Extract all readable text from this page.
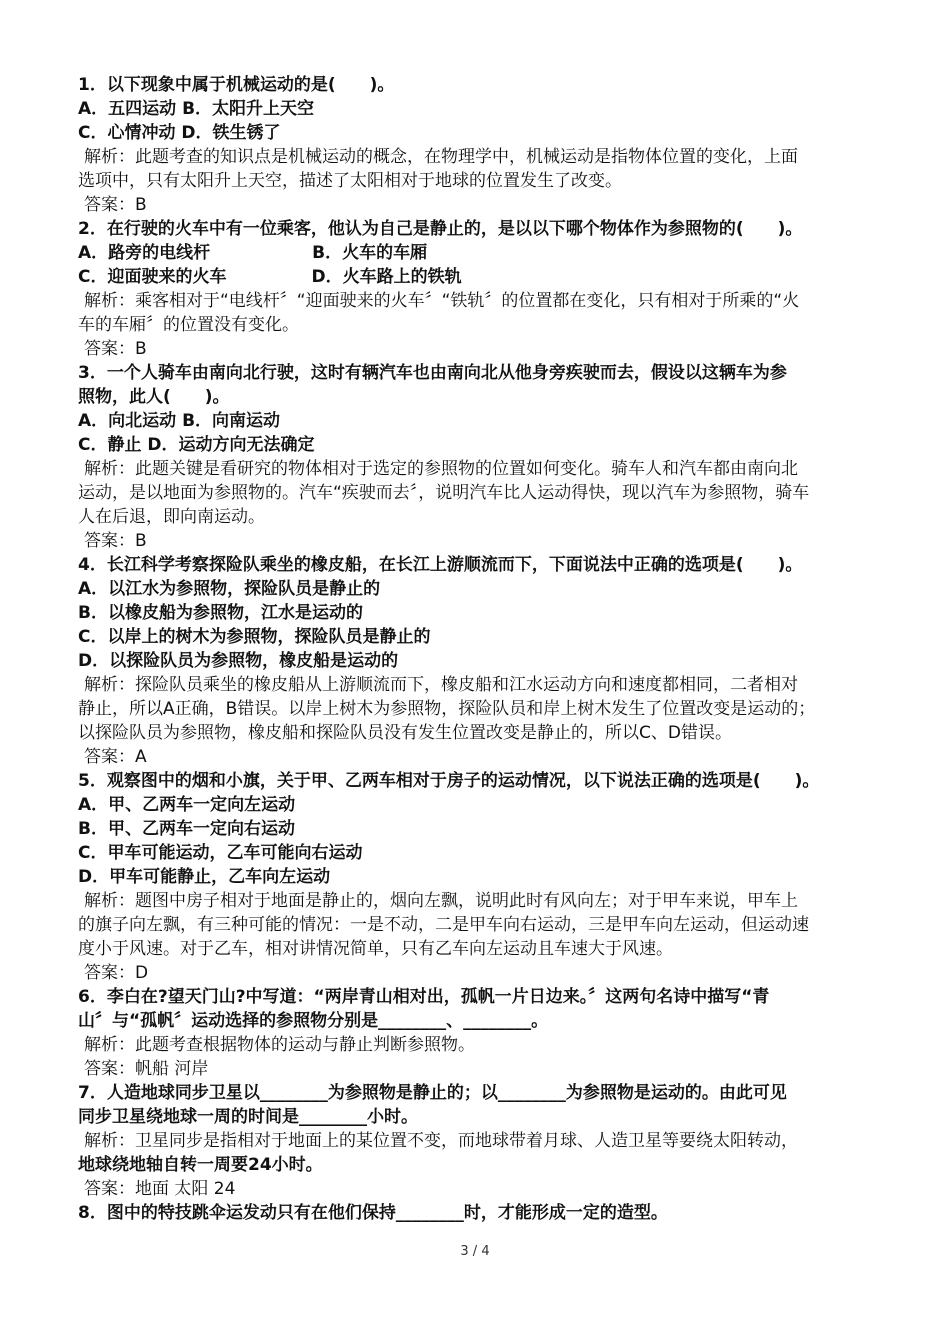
1．以下现象中属于机械运动的是(　　)。
A．五四运动 B．太阳升上天空
C．心情冲动 D．铁生锈了
解析：此题考查的知识点是机械运动的概念，在物理学中，机械运动是指物体位置的变化，上面
选项中，只有太阳升上天空，描述了太阳相对于地球的位置发生了改变。
答案：B
2．在行驶的火车中有一位乘客，他认为自己是静止的，是以以下哪个物体作为参照物的(　　)。
A．路旁的电线杆　　　　　　B．火车的车厢
C．迎面驶来的火车　　　　　D．火车路上的铁轨
解析：乘客相对于“电线杆〞“迎面驶来的火车〞“铁轨〞的位置都在变化，只有相对于所乘的“火
车的车厢〞的位置没有变化。
答案：B
3．一个人骑车由南向北行驶，这时有辆汽车也由南向北从他身旁疾驶而去，假设以这辆车为参
照物，此人(　　)。
A．向北运动 B．向南运动
C．静止 D．运动方向无法确定
解析：此题关键是看研究的物体相对于选定的参照物的位置如何变化。骑车人和汽车都由南向北
运动，是以地面为参照物的。汽车“疾驶而去〞，说明汽车比人运动得快，现以汽车为参照物，骑车
人在后退，即向南运动。
答案：B
4．长江科学考察探险队乘坐的橡皮船，在长江上游顺流而下，下面说法中正确的选项是(　　)。
A．以江水为参照物，探险队员是静止的
B．以橡皮船为参照物，江水是运动的
C．以岸上的树木为参照物，探险队员是静止的
D．以探险队员为参照物，橡皮船是运动的
解析：探险队员乘坐的橡皮船从上游顺流而下，橡皮船和江水运动方向和速度都相同，二者相对
静止，所以A正确，B错误。以岸上树木为参照物，探险队员和岸上树木发生了位置改变是运动的；
以探险队员为参照物，橡皮船和探险队员没有发生位置改变是静止的，所以C、D错误。
答案：A
5．观察图中的烟和小旗，关于甲、乙两车相对于房子的运动情况，以下说法正确的选项是(　　)。
A．甲、乙两车一定向左运动
B．甲、乙两车一定向右运动
C．甲车可能运动，乙车可能向右运动
D．甲车可能静止，乙车向左运动
解析：题图中房子相对于地面是静止的，烟向左飘，说明此时有风向左；对于甲车来说，甲车上
的旗子向左飘，有三种可能的情况：一是不动，二是甲车向右运动，三是甲车向左运动，但运动速
度小于风速。对于乙车，相对讲情况简单，只有乙车向左运动且车速大于风速。
答案：D
6．李白在?望天门山?中写道：“两岸青山相对出，孤帆一片日边来。〞这两句名诗中描写“青
山〞与“孤帆〞运动选择的参照物分别是________、________。
解析：此题考查根据物体的运动与静止判断参照物。
答案：帆船 河岸
7．人造地球同步卫星以________为参照物是静止的；以________为参照物是运动的。由此可见
同步卫星绕地球一周的时间是________小时。
解析：卫星同步是指相对于地面上的某位置不变，而地球带着月球、人造卫星等要绕太阳转动，
地球绕地轴自转一周要24小时。
答案：地面 太阳 24
8．图中的特技跳伞运发动只有在他们保持________时，才能形成一定的造型。
3 / 4
